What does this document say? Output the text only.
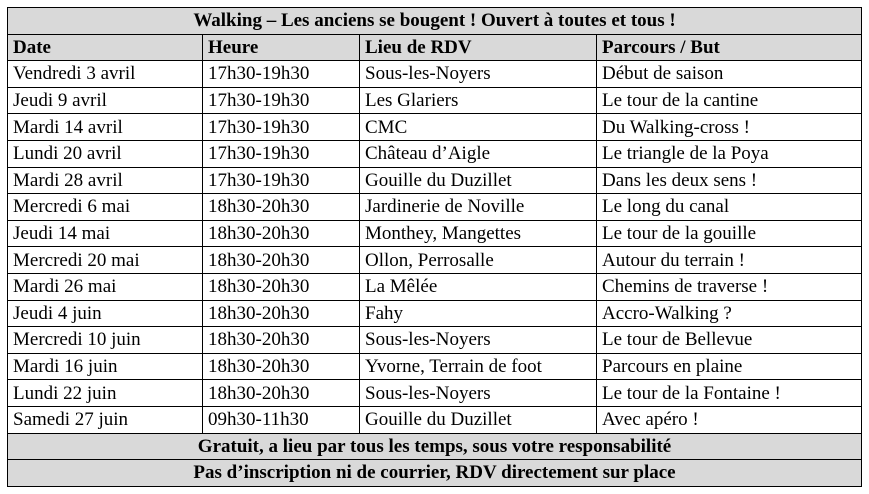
Walking – Les anciens se bougent ! Ouvert à toutes et tous !			
Date	Heure	Lieu de RDV	Parcours / But
Vendredi 3 avril	17h30-19h30	Sous-les-Noyers	Début de saison
Jeudi 9 avril	17h30-19h30	Les Glariers	Le tour de la cantine
Mardi 14 avril	17h30-19h30	CMC	Du Walking-cross !
Lundi 20 avril	17h30-19h30	Château d’Aigle	Le triangle de la Poya
Mardi 28 avril	17h30-19h30	Gouille du Duzillet	Dans les deux sens !
Mercredi 6 mai	18h30-20h30	Jardinerie de Noville	Le long du canal
Jeudi 14 mai	18h30-20h30	Monthey, Mangettes	Le tour de la gouille
Mercredi 20 mai	18h30-20h30	Ollon, Perrosalle	Autour du terrain !
Mardi 26 mai	18h30-20h30	La Mêlée	Chemins de traverse !
Jeudi 4 juin	18h30-20h30	Fahy	Accro-Walking ?
Mercredi 10 juin	18h30-20h30	Sous-les-Noyers	Le tour de Bellevue
Mardi 16 juin	18h30-20h30	Yvorne, Terrain de foot	Parcours en plaine
Lundi 22 juin	18h30-20h30	Sous-les-Noyers	Le tour de la Fontaine !
Samedi 27 juin	09h30-11h30	Gouille du Duzillet	Avec apéro !
Gratuit, a lieu par tous les temps, sous votre responsabilité			
Pas d’inscription ni de courrier, RDV directement sur place			
